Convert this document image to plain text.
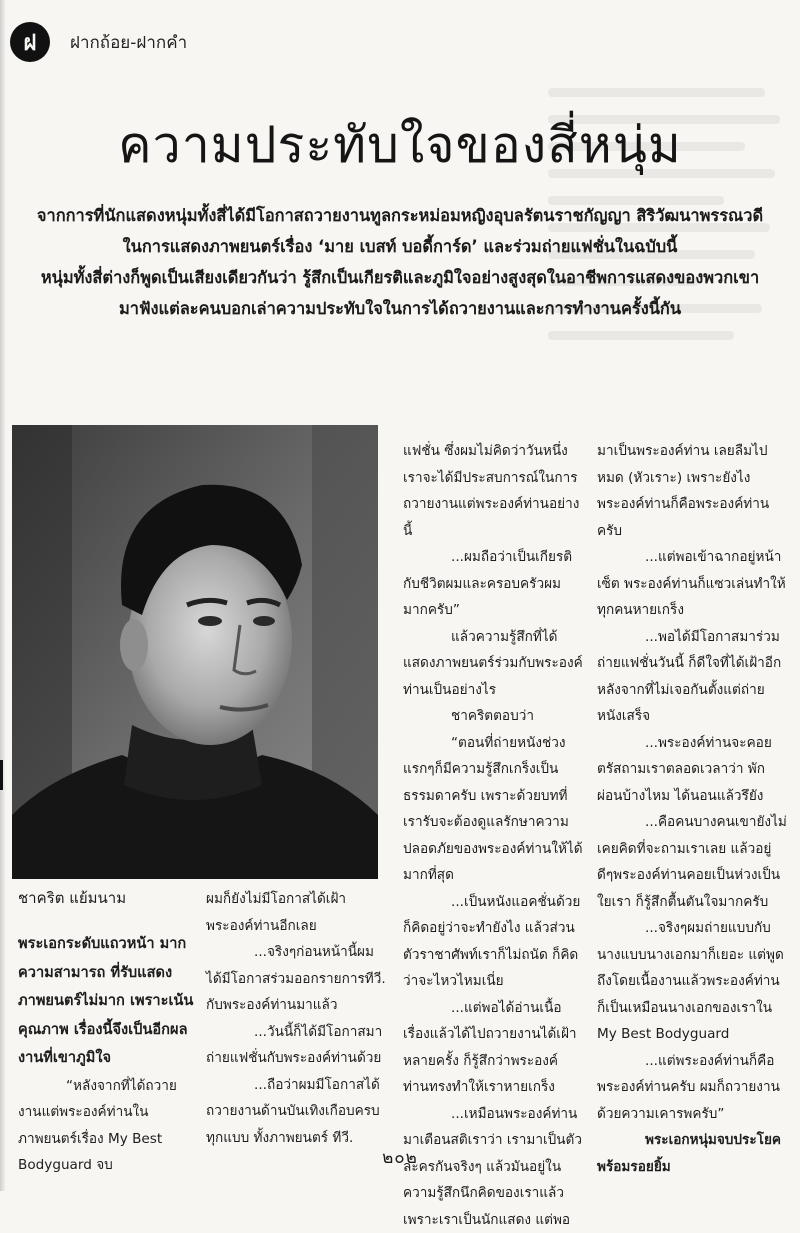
ฝ	ฝากถ้อย-ฝากคำ
ความประทับใจของสี่หนุ่ม
จากการที่นักแสดงหนุ่มทั้งสี่ได้มีโอกาสถวายงานทูลกระหม่อมหญิงอุบลรัตนราชกัญญา สิริวัฒนาพรรณวดี
ในการแสดงภาพยนตร์เรื่อง ‘มาย เบสท์ บอดี้การ์ด’ และร่วมถ่ายแฟชั่นในฉบับนี้
หนุ่มทั้งสี่ต่างก็พูดเป็นเสียงเดียวกันว่า รู้สึกเป็นเกียรติและภูมิใจอย่างสูงสุดในอาชีพการแสดงของพวกเขา
มาฟังแต่ละคนบอกเล่าความประทับใจในการได้ถวายงานและการทำงานครั้งนี้กัน
ชาคริต แย้มนาม

พระเอกระดับแถวหน้า มากความสามารถ ที่รับแสดงภาพยนตร์ไม่มาก เพราะเน้นคุณภาพ เรื่องนี้จึงเป็นอีกผลงานที่เขาภูมิใจ

“หลังจากที่ได้ถวายงานแต่พระองค์ท่านในภาพยนตร์เรื่อง My Best Bodyguard จบ

ผมก็ยังไม่มีโอกาสได้เฝ้าพระองค์ท่านอีกเลย

...จริงๆก่อนหน้านี้ผมได้มีโอกาสร่วมออกรายการทีวี. กับพระองค์ท่านมาแล้ว

...วันนี้ก็ได้มีโอกาสมาถ่ายแฟชั่นกับพระองค์ท่านด้วย

...ถือว่าผมมีโอกาสได้ถวายงานด้านบันเทิงเกือบครบทุกแบบ ทั้งภาพยนตร์ ทีวี.

แฟชั่น ซึ่งผมไม่คิดว่าวันหนึ่งเราจะได้มีประสบการณ์ในการถวายงานแต่พระองค์ท่านอย่างนี้

...ผมถือว่าเป็นเกียรติกับชีวิตผมและครอบครัวผมมากครับ”

แล้วความรู้สึกที่ได้แสดงภาพยนตร์ร่วมกับพระองค์ท่านเป็นอย่างไร

ชาคริตตอบว่า

“ตอนที่ถ่ายหนังช่วงแรกๆก็มีความรู้สึกเกร็งเป็นธรรมดาครับ เพราะด้วยบทที่เรารับจะต้องดูแลรักษาความปลอดภัยของพระองค์ท่านให้ได้มากที่สุด

...เป็นหนังแอคชั่นด้วยก็คิดอยู่ว่าจะทำยังไง แล้วส่วนตัวราชาศัพท์เราก็ไม่ถนัด ก็คิดว่าจะไหวไหมเนี่ย

...แต่พอได้อ่านเนื้อเรื่องแล้วได้ไปถวายงานได้เฝ้าหลายครั้ง ก็รู้สึกว่าพระองค์ท่านทรงทำให้เราหายเกร็ง

...เหมือนพระองค์ท่านมาเตือนสติเราว่า เรามาเป็นตัวละครกันจริงๆ แล้วมันอยู่ในความรู้สึกนึกคิดของเราแล้ว เพราะเราเป็นนักแสดง แต่พอ

มาเป็นพระองค์ท่าน เลยลืมไปหมด (หัวเราะ) เพราะยังไงพระองค์ท่านก็คือพระองค์ท่านครับ

...แต่พอเข้าฉากอยู่หน้าเซ็ต พระองค์ท่านก็แซวเล่นทำให้ทุกคนหายเกร็ง

...พอได้มีโอกาสมาร่วมถ่ายแฟชั่นวันนี้ ก็ดีใจที่ได้เฝ้าอีก หลังจากที่ไม่เจอกันตั้งแต่ถ่ายหนังเสร็จ

...พระองค์ท่านจะคอยตรัสถามเราตลอดเวลาว่า พักผ่อนบ้างไหม ได้นอนแล้วรึยัง

...คือคนบางคนเขายังไม่เคยคิดที่จะถามเราเลย แล้วอยู่ดีๆพระองค์ท่านคอยเป็นห่วงเป็นใยเรา ก็รู้สึกตื้นตันใจมากครับ

...จริงๆผมถ่ายแบบกับนางแบบนางเอกมาก็เยอะ แต่พูดถึงโดยเนื้องานแล้วพระองค์ท่านก็เป็นเหมือนนางเอกของเราใน My Best Bodyguard

...แต่พระองค์ท่านก็คือพระองค์ท่านครับ ผมก็ถวายงานด้วยความเคารพครับ”

พระเอกหนุ่มจบประโยคพร้อมรอยยิ้ม

๒๐๒
